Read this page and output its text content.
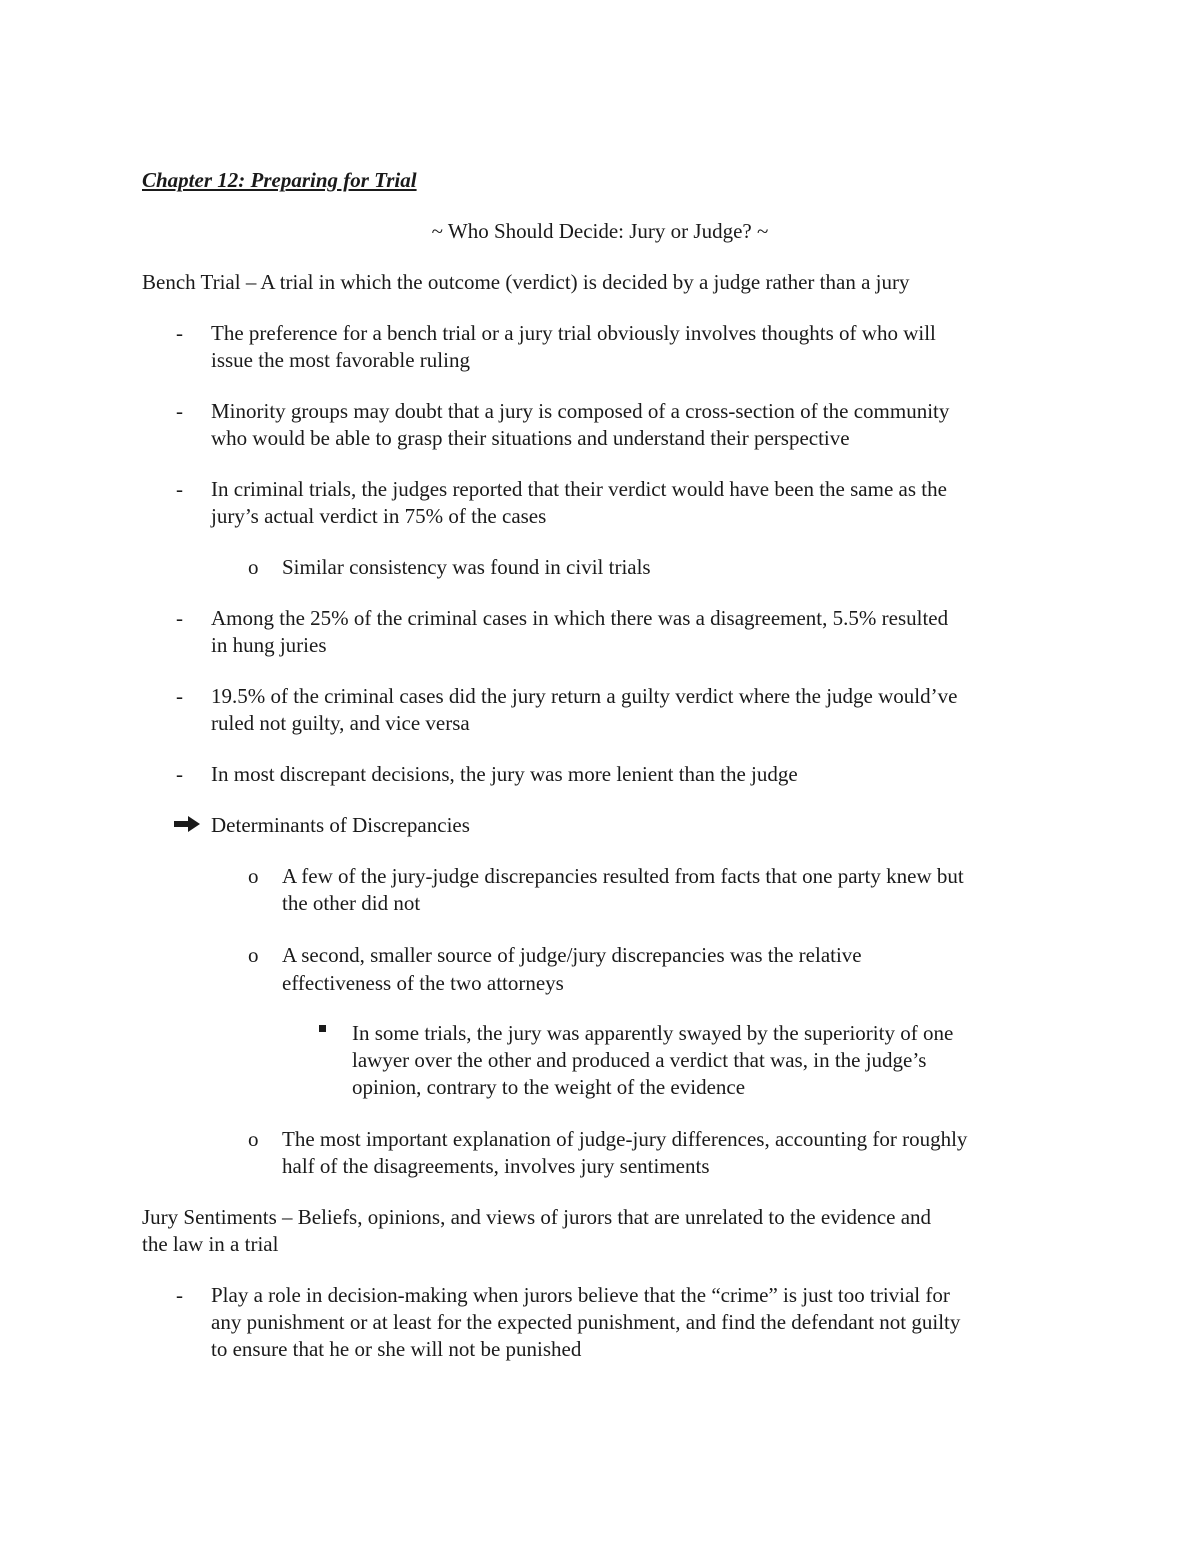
Chapter 12: Preparing for Trial
~ Who Should Decide: Jury or Judge? ~
Bench Trial – A trial in which the outcome (verdict) is decided by a judge rather than a jury
- The preference for a bench trial or a jury trial obviously involves thoughts of who will
issue the most favorable ruling
- Minority groups may doubt that a jury is composed of a cross-section of the community
who would be able to grasp their situations and understand their perspective
- In criminal trials, the judges reported that their verdict would have been the same as the
jury’s actual verdict in 75% of the cases
o Similar consistency was found in civil trials
- Among the 25% of the criminal cases in which there was a disagreement, 5.5% resulted
in hung juries
- 19.5% of the criminal cases did the jury return a guilty verdict where the judge would’ve
ruled not guilty, and vice versa
- In most discrepant decisions, the jury was more lenient than the judge
Determinants of Discrepancies
o A few of the jury-judge discrepancies resulted from facts that one party knew but
the other did not
o A second, smaller source of judge/jury discrepancies was the relative
effectiveness of the two attorneys
In some trials, the jury was apparently swayed by the superiority of one
lawyer over the other and produced a verdict that was, in the judge’s
opinion, contrary to the weight of the evidence
o The most important explanation of judge-jury differences, accounting for roughly
half of the disagreements, involves jury sentiments
Jury Sentiments – Beliefs, opinions, and views of jurors that are unrelated to the evidence and
the law in a trial
- Play a role in decision-making when jurors believe that the “crime” is just too trivial for
any punishment or at least for the expected punishment, and find the defendant not guilty
to ensure that he or she will not be punished
